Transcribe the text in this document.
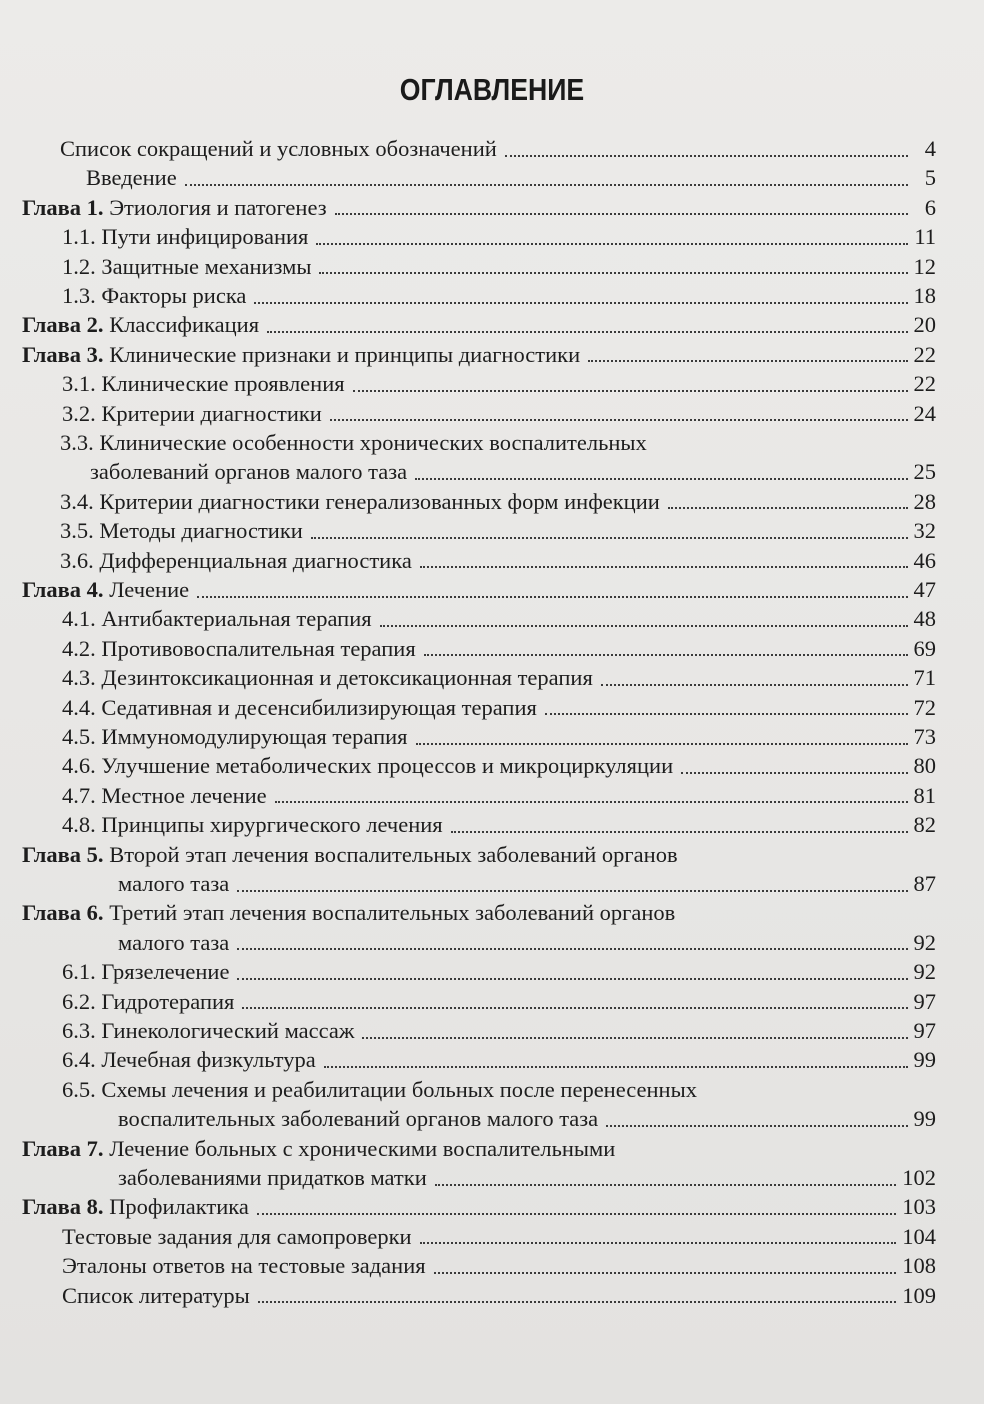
ОГЛАВЛЕНИЕ
Список сокращений и условных обозначений	4
Введение	5
Глава 1. Этиология и патогенез	6
1.1. Пути инфицирования	11
1.2. Защитные механизмы	12
1.3. Факторы риска	18
Глава 2. Классификация	20
Глава 3. Клинические признаки и принципы диагностики	22
3.1. Клинические проявления	22
3.2. Критерии диагностики	24
3.3. Клинические особенности хронических воспалительных
заболеваний органов малого таза	25
3.4. Критерии диагностики генерализованных форм инфекции	28
3.5. Методы диагностики	32
3.6. Дифференциальная диагностика	46
Глава 4. Лечение	47
4.1. Антибактериальная терапия	48
4.2. Противовоспалительная терапия	69
4.3. Дезинтоксикационная и детоксикационная терапия	71
4.4. Седативная и десенсибилизирующая терапия	72
4.5. Иммуномодулирующая терапия	73
4.6. Улучшение метаболических процессов и микроциркуляции	80
4.7. Местное лечение	81
4.8. Принципы хирургического лечения	82
Глава 5. Второй этап лечения воспалительных заболеваний органов
малого таза	87
Глава 6. Третий этап лечения воспалительных заболеваний органов
малого таза	92
6.1. Грязелечение	92
6.2. Гидротерапия	97
6.3. Гинекологический массаж	97
6.4. Лечебная физкультура	99
6.5. Схемы лечения и реабилитации больных после перенесенных
воспалительных заболеваний органов малого таза	99
Глава 7. Лечение больных с хроническими воспалительными
заболеваниями придатков матки	102
Глава 8. Профилактика	103
Тестовые задания для самопроверки	104
Эталоны ответов на тестовые задания	108
Список литературы	109
